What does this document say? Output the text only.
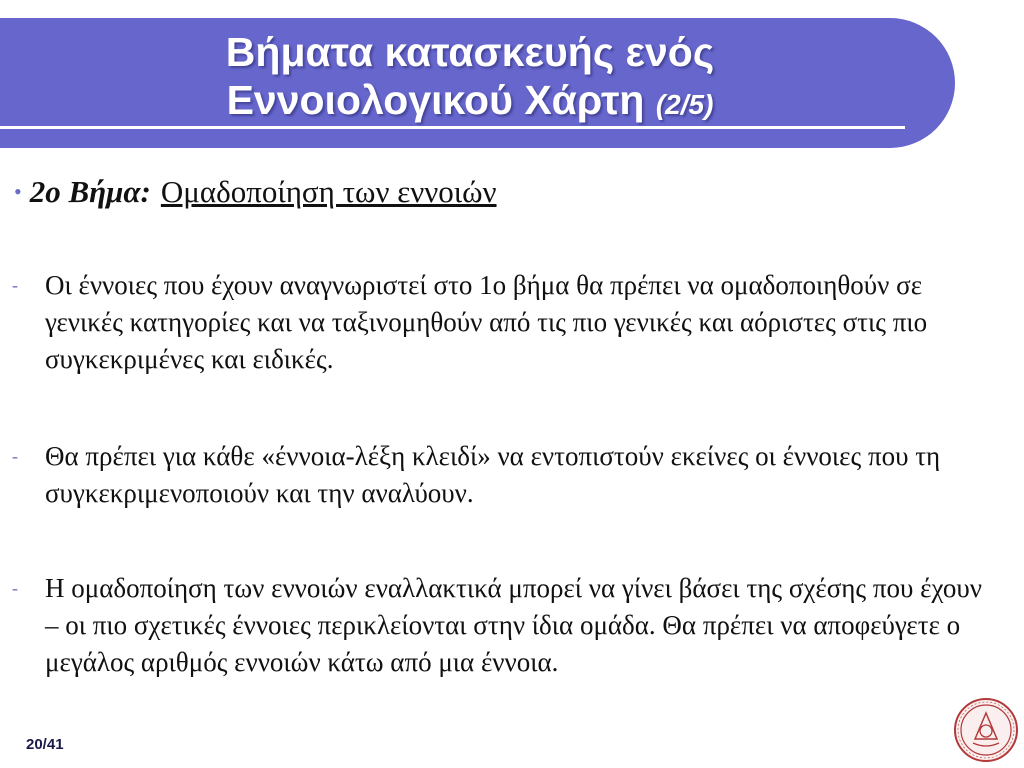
Βήματα κατασκευής ενός
Εννοιολογικού Χάρτη (2/5)
• 2ο Βήμα: Ομαδοποίηση των εννοιών
-	Οι έννοιες που έχουν αναγνωριστεί στο 1ο βήμα θα πρέπει να ομαδοποιηθούν σε γενικές κατηγορίες και να ταξινομηθούν από τις πιο γενικές και αόριστες στις πιο συγκεκριμένες και ειδικές.
-	Θα πρέπει για κάθε «έννοια-λέξη κλειδί» να εντοπιστούν εκείνες οι έννοιες που τη συγκεκριμενοποιούν και την αναλύουν.
-	Η ομαδοποίηση των εννοιών εναλλακτικά μπορεί να γίνει βάσει της σχέσης που έχουν – οι πιο σχετικές έννοιες περικλείονται στην ίδια ομάδα. Θα πρέπει να αποφεύγετε ο μεγάλος αριθμός εννοιών κάτω από μια έννοια.
20/41
